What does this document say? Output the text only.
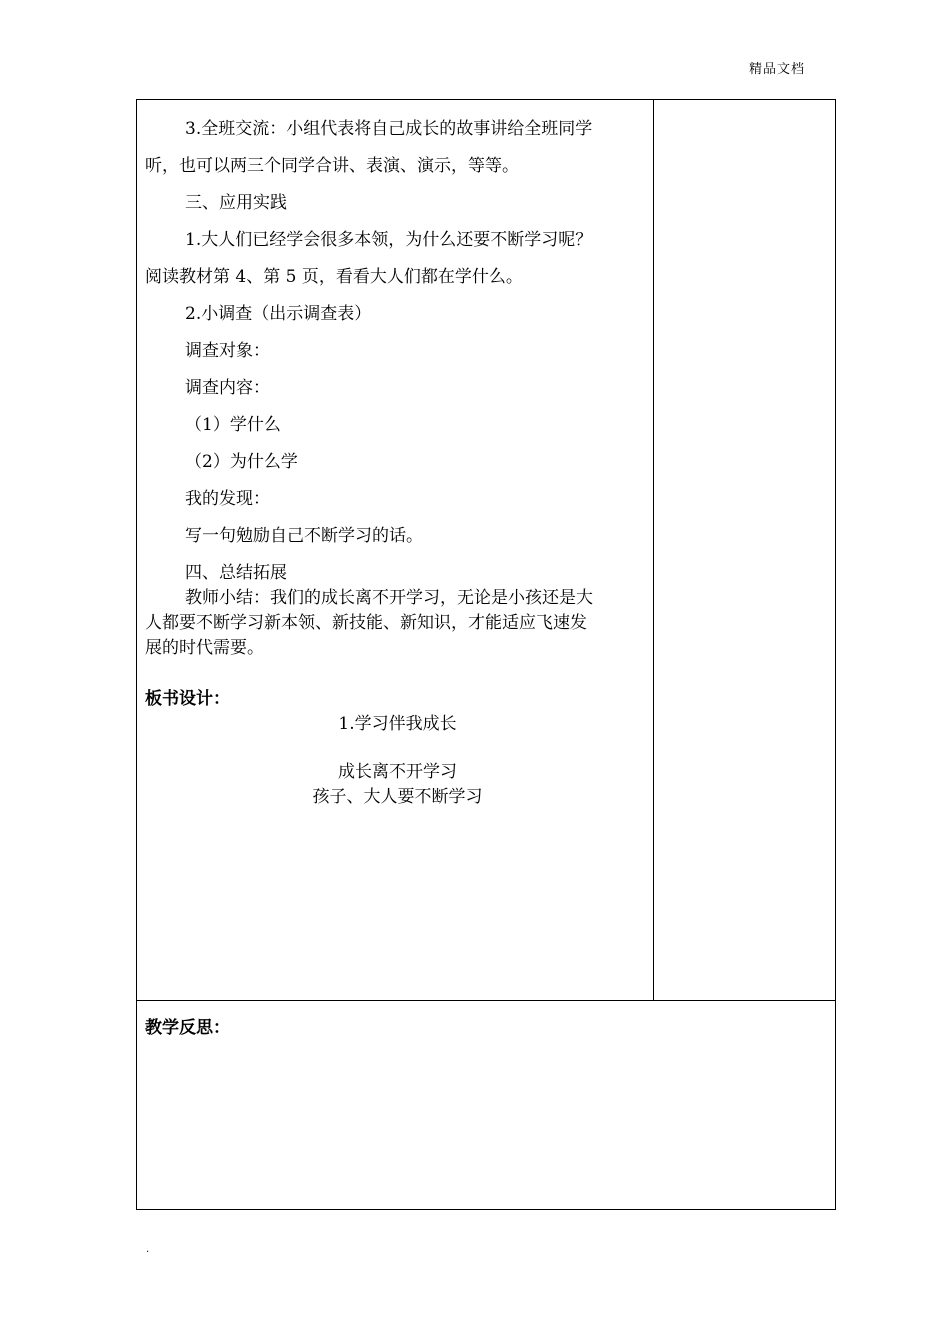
精品文档
3.全班交流：小组代表将自己成长的故事讲给全班同学
听，也可以两三个同学合讲、表演、演示，等等。
三、应用实践
1.大人们已经学会很多本领，为什么还要不断学习呢？
阅读教材第 4、第 5 页，看看大人们都在学什么。
2.小调查（出示调查表）
调查对象：
调查内容：
（1）学什么
（2）为什么学
我的发现：
写一句勉励自己不断学习的话。
四、总结拓展
教师小结：我们的成长离不开学习，无论是小孩还是大
人都要不断学习新本领、新技能、新知识，才能适应飞速发
展的时代需要。
板书设计：
1.学习伴我成长
成长离不开学习
孩子、大人要不断学习
教学反思：
.
